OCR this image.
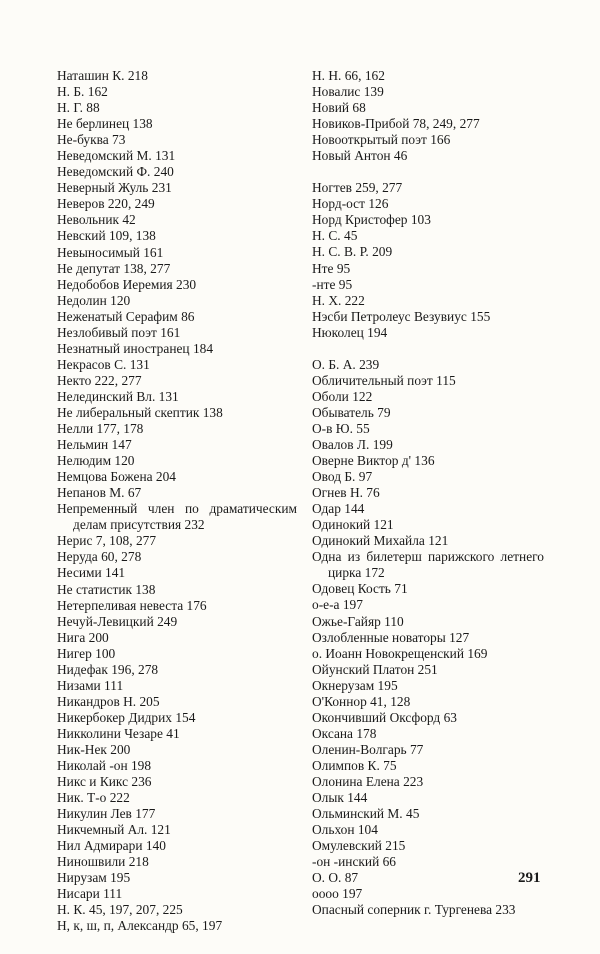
Наташин К. 218
Н. Б. 162
Н. Г. 88
Не берлинец 138
Не-буква 73
Неведомский М. 131
Неведомский Ф. 240
Неверный Жуль 231
Неверов 220, 249
Невольник 42
Невский 109, 138
Невыносимый 161
Не депутат 138, 277
Недобобов Иеремия 230
Недолин 120
Неженатый Серафим 86
Незлобивый поэт 161
Незнатный иностранец 184
Некрасов С. 131
Некто 222, 277
Нелединский Вл. 131
Не либеральный скептик 138
Нелли 177, 178
Нельмин 147
Нелюдим 120
Немцова Божена 204
Непанов М. 67
Непременный член по драматическим делам присутствия 232
Нерис 7, 108, 277
Неруда 60, 278
Несими 141
Не статистик 138
Нетерпеливая невеста 176
Нечуй-Левицкий 249
Нига 200
Нигер 100
Нидефак 196, 278
Низами 111
Никандров Н. 205
Никербокер Дидрих 154
Никколини Чезаре 41
Ник-Нек 200
Николай -он 198
Никс и Кикс 236
Ник. Т-о 222
Никулин Лев 177
Никчемный Ал. 121
Нил Адмирари 140
Ниношвили 218
Нирузам 195
Нисари 111
Н. К. 45, 197, 207, 225
Н, к, ш, п, Александр 65, 197
Н. Н. 66, 162
Новалис 139
Новий 68
Новиков-Прибой 78, 249, 277
Новооткрытый поэт 166
Новый Антон 46
Ногтев 259, 277
Норд-ост 126
Норд Кристофер 103
Н. С. 45
Н. С. В. Р. 209
Нте 95
-нте 95
Н. Х. 222
Нэсби Петролеус Везувиус 155
Нюколец 194
О. Б. А. 239
Обличительный поэт 115
Оболи 122
Обыватель 79
О-в Ю. 55
Овалов Л. 199
Оверне Виктор д' 136
Овод Б. 97
Огнев Н. 76
Одар 144
Одинокий 121
Одинокий Михайла 121
Одна из билетерш парижского летнего цирка 172
Одовец Кость 71
о-е-а 197
Ожье-Гайяр 110
Озлобленные новаторы 127
о. Иоанн Новокрещенский 169
Ойунский Платон 251
Окнерузам 195
О'Коннор 41, 128
Окончивший Оксфорд 63
Оксана 178
Оленин-Волгарь 77
Олимпов К. 75
Олонина Елена 223
Олык 144
Ольминский М. 45
Ольхон 104
Омулевский 215
-он -инский 66
О. О. 87
оооо 197
Опасный соперник г. Тургенева 233
291
